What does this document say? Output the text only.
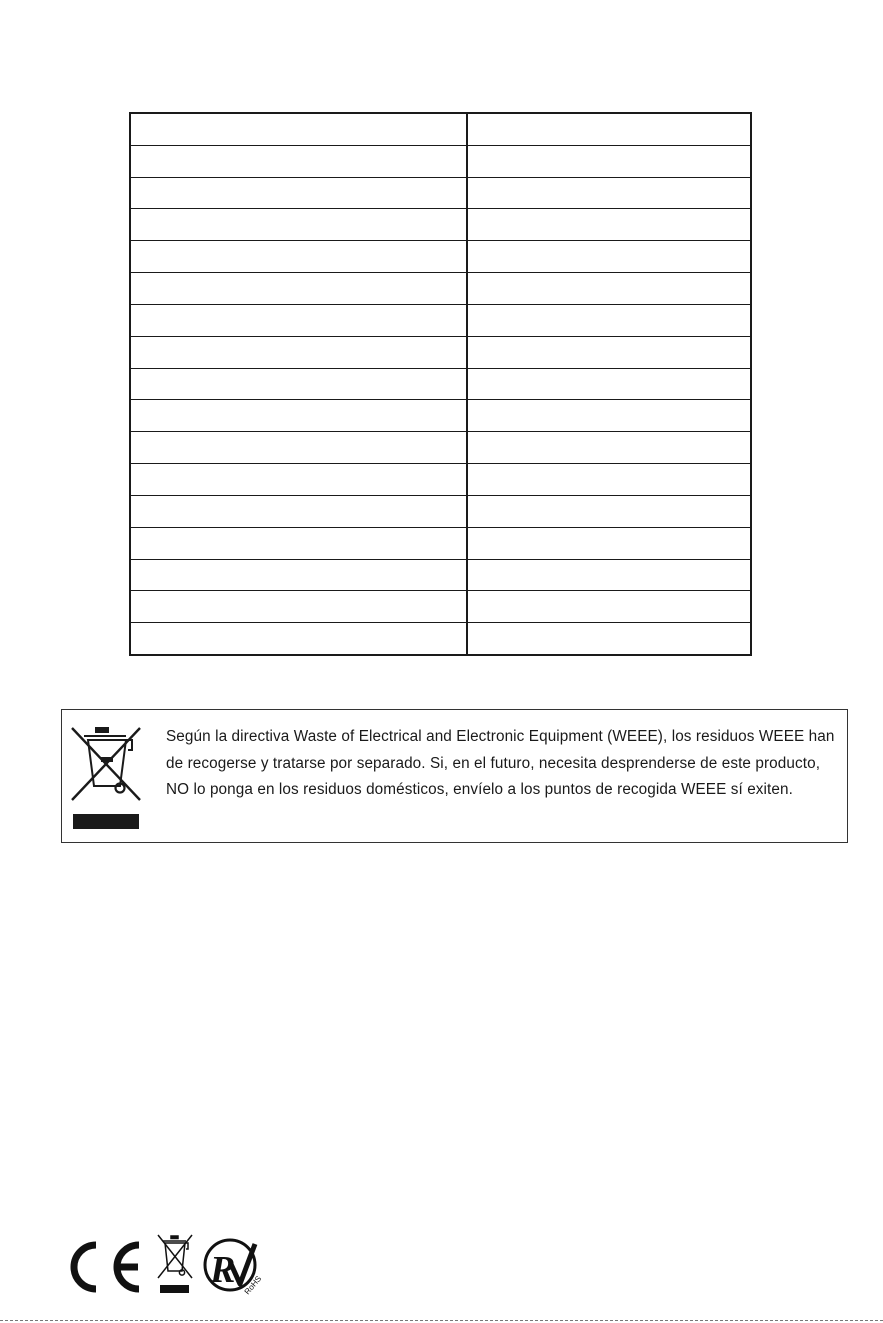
Según la directiva Waste of Electrical and Electronic Equipment (WEEE), los residuos WEEE han de recogerse y tratarse por separado. Si, en el futuro, necesita desprenderse de este producto, NO lo ponga en los residuos domésticos, envíelo a los puntos de recogida WEEE sí exiten.

R RoHS
